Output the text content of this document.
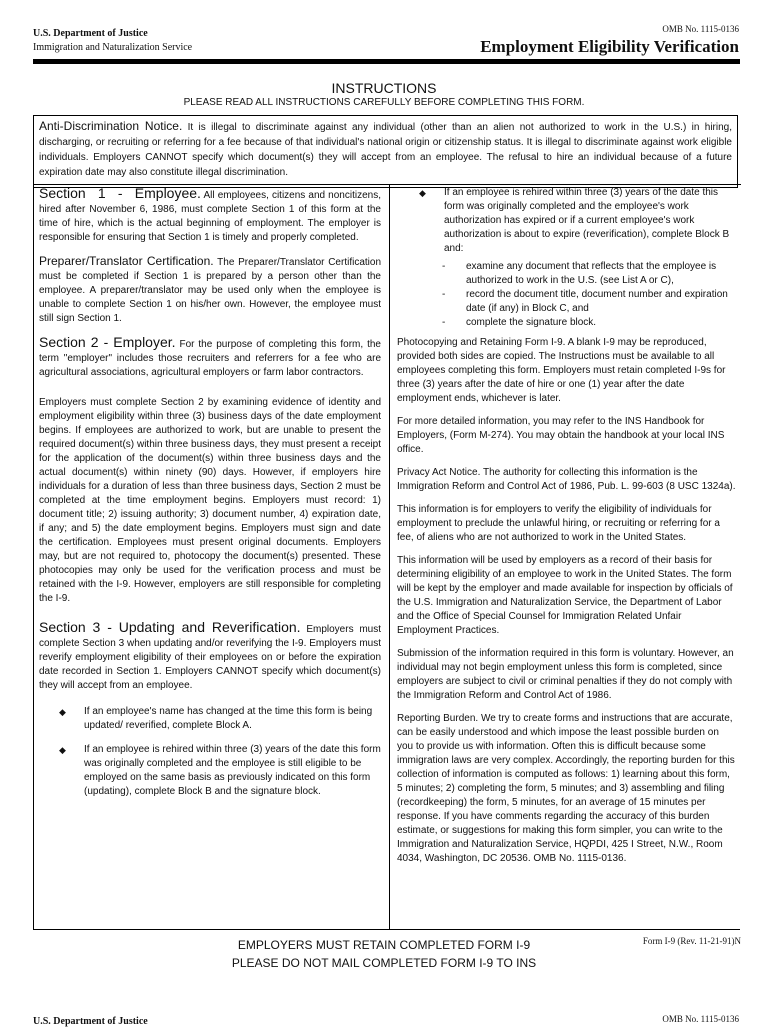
U.S. Department of Justice
Immigration and Naturalization Service
OMB No. 1115-0136
Employment Eligibility Verification
INSTRUCTIONS
PLEASE READ ALL INSTRUCTIONS CAREFULLY BEFORE COMPLETING THIS FORM.
Anti-Discrimination Notice. It is illegal to discriminate against any individual (other than an alien not authorized to work in the U.S.) in hiring, discharging, or recruiting or referring for a fee because of that individual's national origin or citizenship status. It is illegal to discriminate against work eligible individuals. Employers CANNOT specify which document(s) they will accept from an employee. The refusal to hire an individual because of a future expiration date may also constitute illegal discrimination.

Section 1 - Employee. All employees, citizens and noncitizens, hired after November 6, 1986, must complete Section 1 of this form at the time of hire, which is the actual beginning of employment. The employer is responsible for ensuring that Section 1 is timely and properly completed.

Preparer/Translator Certification. The Preparer/Translator Certification must be completed if Section 1 is prepared by a person other than the employee. A preparer/translator may be used only when the employee is unable to complete Section 1 on his/her own. However, the employee must still sign Section 1.

Section 2 - Employer. For the purpose of completing this form, the term "employer" includes those recruiters and referrers for a fee who are agricultural associations, agricultural employers or farm labor contractors.

Employers must complete Section 2 by examining evidence of identity and employment eligibility within three (3) business days of the date employment begins. If employees are authorized to work, but are unable to present the required document(s) within three business days, they must present a receipt for the application of the document(s) within three business days and the actual document(s) within ninety (90) days. However, if employers hire individuals for a duration of less than three business days, Section 2 must be completed at the time employment begins. Employers must record: 1) document title; 2) issuing authority; 3) document number, 4) expiration date, if any; and 5) the date employment begins. Employers must sign and date the certification. Employees must present original documents. Employers may, but are not required to, photocopy the document(s) presented. These photocopies may only be used for the verification process and must be retained with the I-9. However, employers are still responsible for completing the I-9.

Section 3 - Updating and Reverification. Employers must complete Section 3 when updating and/or reverifying the I-9. Employers must reverify employment eligibility of their employees on or before the expiration date recorded in Section 1. Employers CANNOT specify which document(s) they will accept from an employee.

◆ If an employee's name has changed at the time this form is being updated/ reverified, complete Block A.
◆ If an employee is rehired within three (3) years of the date this form was originally completed and the employee is still eligible to be employed on the same basis as previously indicated on this form (updating), complete Block B and the signature block.
◆ If an employee is rehired within three (3) years of the date this form was originally completed and the employee's work authorization has expired or if a current employee's work authorization is about to expire (reverification), complete Block B and:
- examine any document that reflects that the employee is authorized to work in the U.S. (see List A or C),
- record the document title, document number and expiration date (if any) in Block C, and
- complete the signature block.

Photocopying and Retaining Form I-9. A blank I-9 may be reproduced, provided both sides are copied. The Instructions must be available to all employees completing this form. Employers must retain completed I-9s for three (3) years after the date of hire or one (1) year after the date employment ends, whichever is later.

For more detailed information, you may refer to the INS Handbook for Employers, (Form M-274). You may obtain the handbook at your local INS office.

Privacy Act Notice. The authority for collecting this information is the Immigration Reform and Control Act of 1986, Pub. L. 99-603 (8 USC 1324a).

This information is for employers to verify the eligibility of individuals for employment to preclude the unlawful hiring, or recruiting or referring for a fee, of aliens who are not authorized to work in the United States.

This information will be used by employers as a record of their basis for determining eligibility of an employee to work in the United States. The form will be kept by the employer and made available for inspection by officials of the U.S. Immigration and Naturalization Service, the Department of Labor and the Office of Special Counsel for Immigration Related Unfair Employment Practices.

Submission of the information required in this form is voluntary. However, an individual may not begin employment unless this form is completed, since employers are subject to civil or criminal penalties if they do not comply with the Immigration Reform and Control Act of 1986.

Reporting Burden. We try to create forms and instructions that are accurate, can be easily understood and which impose the least possible burden on you to provide us with information. Often this is difficult because some immigration laws are very complex. Accordingly, the reporting burden for this collection of information is computed as follows: 1) learning about this form, 5 minutes; 2) completing the form, 5 minutes; and 3) assembling and filing (recordkeeping) the form, 5 minutes, for an average of 15 minutes per response. If you have comments regarding the accuracy of this burden estimate, or suggestions for making this form simpler, you can write to the Immigration and Naturalization Service, HQPDI, 425 I Street, N.W., Room 4034, Washington, DC 20536. OMB No. 1115-0136.

EMPLOYERS MUST RETAIN COMPLETED FORM I-9
PLEASE DO NOT MAIL COMPLETED FORM I-9 TO INS
Form I-9 (Rev. 11-21-91)N
U.S. Department of Justice	OMB No. 1115-0136
